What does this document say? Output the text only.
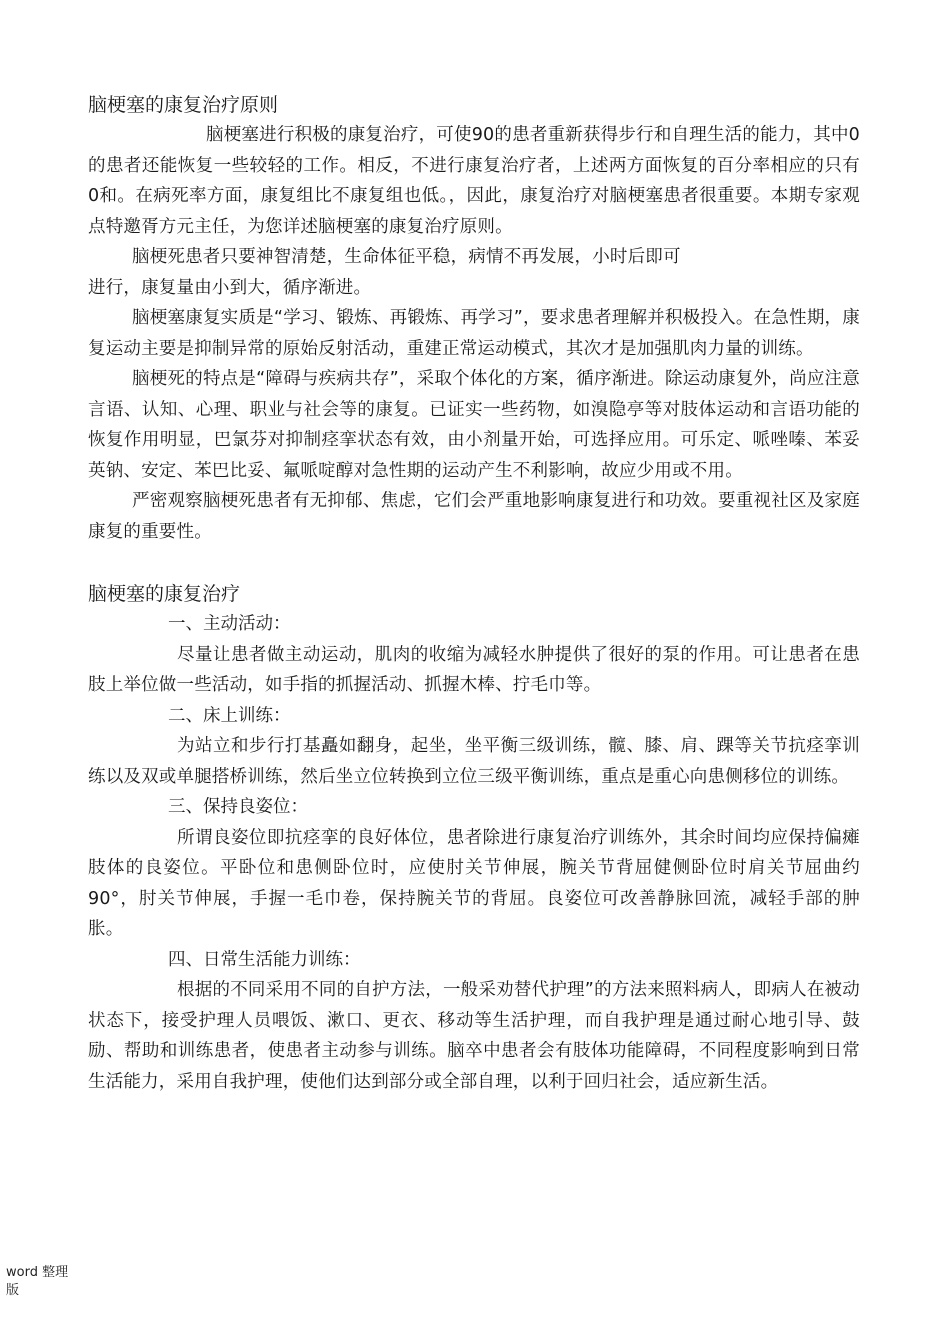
脑梗塞的康复治疗原则

脑梗塞进行积极的康复治疗，可使90的患者重新获得步行和自理生活的能力，其中0的患者还能恢复一些较轻的工作。相反，不进行康复治疗者，上述两方面恢复的百分率相应的只有0和。在病死率方面，康复组比不康复组也低。，因此，康复治疗对脑梗塞患者很重要。本期专家观点特邀胥方元主任，为您详述脑梗塞的康复治疗原则。

脑梗死患者只要神智清楚，生命体征平稳，病情不再发展，小时后即可

进行，康复量由小到大，循序渐进。

脑梗塞康复实质是“学习、锻炼、再锻炼、再学习”，要求患者理解并积极投入。在急性期，康复运动主要是抑制异常的原始反射活动，重建正常运动模式，其次才是加强肌肉力量的训练。

脑梗死的特点是“障碍与疾病共存”，采取个体化的方案，循序渐进。除运动康复外，尚应注意言语、认知、心理、职业与社会等的康复。已证实一些药物，如溴隐亭等对肢体运动和言语功能的恢复作用明显，巴氯芬对抑制痉挛状态有效，由小剂量开始，可选择应用。可乐定、哌唑嗪、苯妥英钠、安定、苯巴比妥、氟哌啶醇对急性期的运动产生不利影响，故应少用或不用。

严密观察脑梗死患者有无抑郁、焦虑，它们会严重地影响康复进行和功效。要重视社区及家庭康复的重要性。

脑梗塞的康复治疗

一、主动活动：

尽量让患者做主动运动，肌肉的收缩为减轻水肿提供了很好的泵的作用。可让患者在患肢上举位做一些活动，如手指的抓握活动、抓握木棒、拧毛巾等。

二、床上训练：

为站立和步行打基矗如翻身，起坐，坐平衡三级训练，髋、膝、肩、踝等关节抗痉挛训练以及双或单腿搭桥训练，然后坐立位转换到立位三级平衡训练，重点是重心向患侧移位的训练。

三、保持良姿位：

所谓良姿位即抗痉挛的良好体位，患者除进行康复治疗训练外，其余时间均应保持偏瘫肢体的良姿位。平卧位和患侧卧位时，应使肘关节伸展，腕关节背屈健侧卧位时肩关节屈曲约90°，肘关节伸展，手握一毛巾卷，保持腕关节的背屈。良姿位可改善静脉回流，减轻手部的肿胀。

四、日常生活能力训练：

根据的不同采用不同的自护方法，一般采劝替代护理”的方法来照料病人，即病人在被动状态下，接受护理人员喂饭、漱口、更衣、移动等生活护理，而自我护理是通过耐心地引导、鼓励、帮助和训练患者，使患者主动参与训练。脑卒中患者会有肢体功能障碍，不同程度影响到日常生活能力，采用自我护理，使他们达到部分或全部自理，以利于回归社会，适应新生活。

word 整理版
